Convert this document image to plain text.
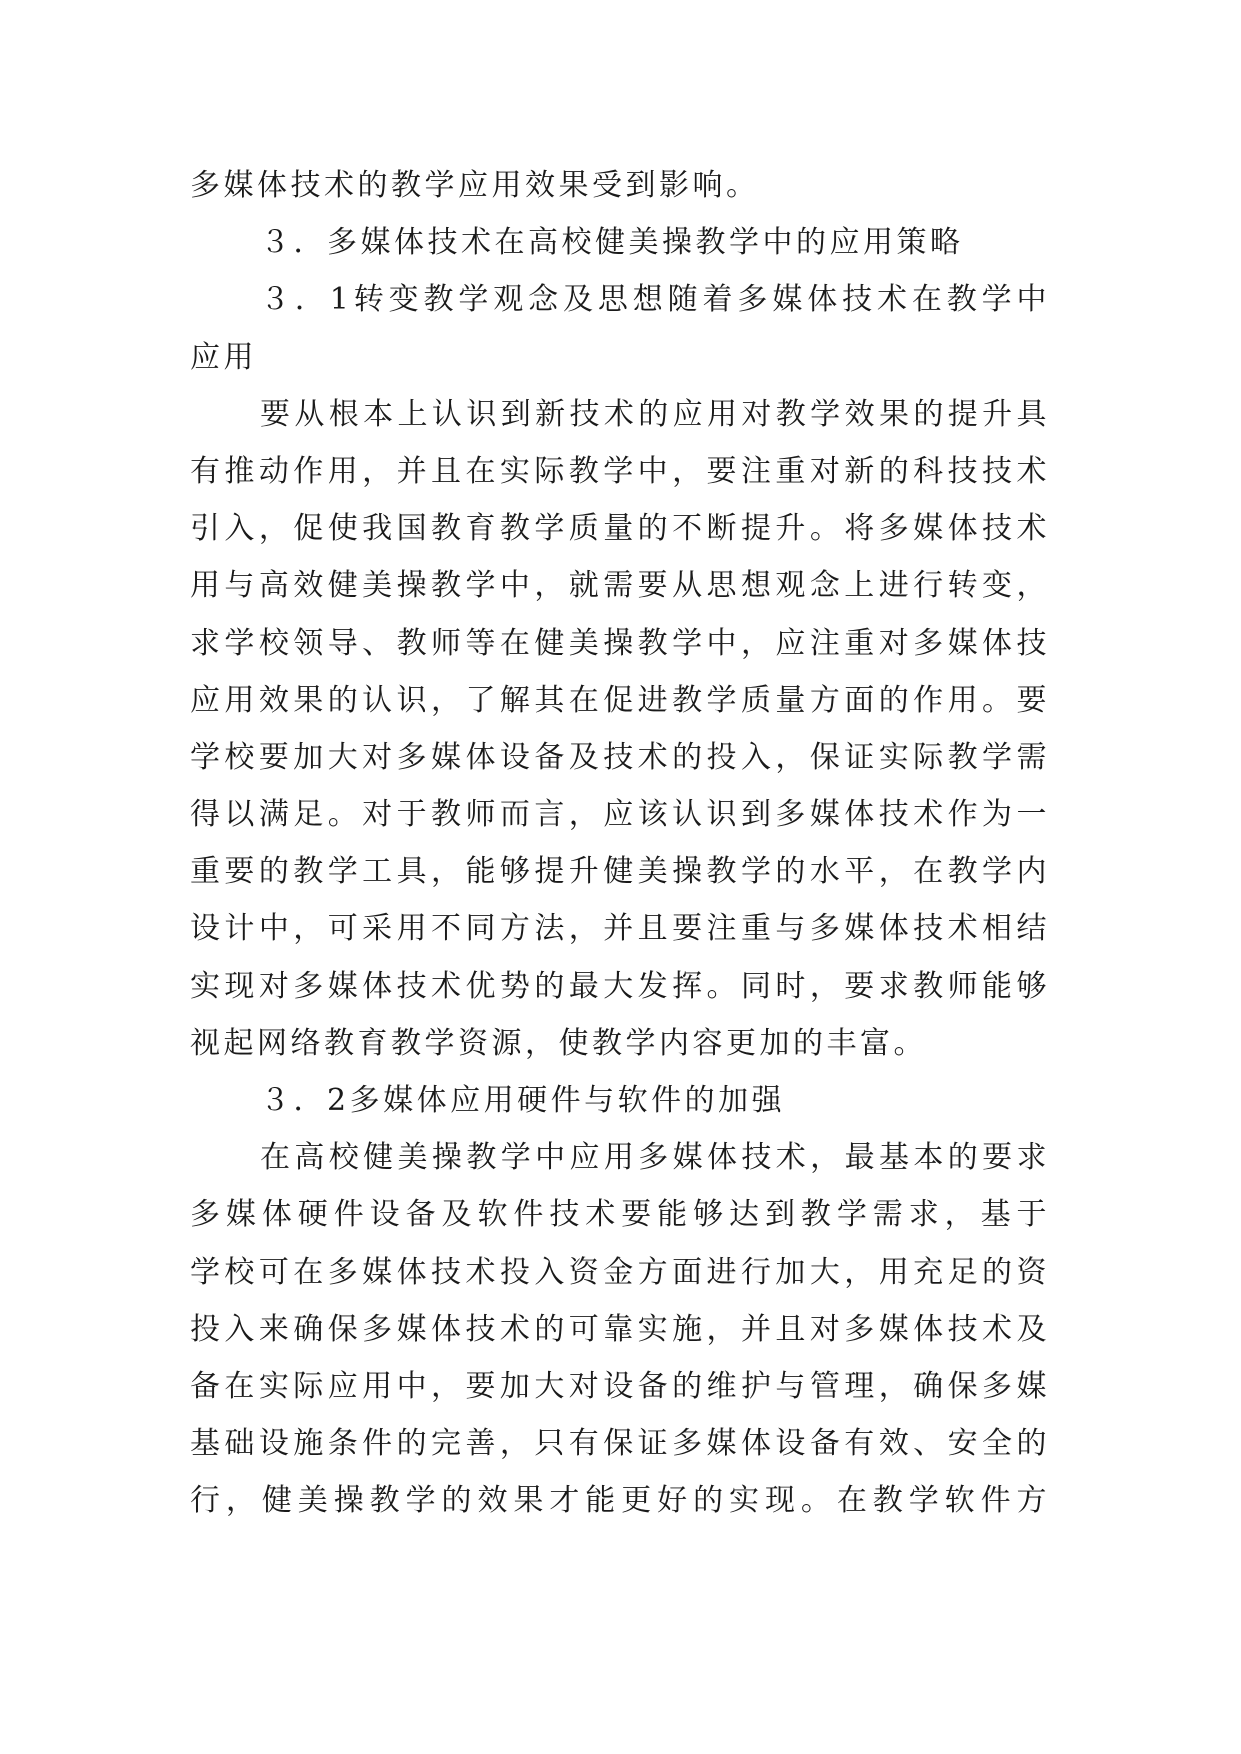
多媒体技术的教学应用效果受到影响。
３．多媒体技术在高校健美操教学中的应用策略
３．1转变教学观念及思想随着多媒体技术在教学中
应用
要从根本上认识到新技术的应用对教学效果的提升具
有推动作用，并且在实际教学中，要注重对新的科技技术
引入，促使我国教育教学质量的不断提升。将多媒体技术
用与高效健美操教学中，就需要从思想观念上进行转变，
求学校领导、教师等在健美操教学中，应注重对多媒体技
应用效果的认识，了解其在促进教学质量方面的作用。要
学校要加大对多媒体设备及技术的投入，保证实际教学需
得以满足。对于教师而言，应该认识到多媒体技术作为一
重要的教学工具，能够提升健美操教学的水平，在教学内
设计中，可采用不同方法，并且要注重与多媒体技术相结
实现对多媒体技术优势的最大发挥。同时，要求教师能够
视起网络教育教学资源，使教学内容更加的丰富。
３．2多媒体应用硬件与软件的加强
在高校健美操教学中应用多媒体技术，最基本的要求
多媒体硬件设备及软件技术要能够达到教学需求，基于
学校可在多媒体技术投入资金方面进行加大，用充足的资
投入来确保多媒体技术的可靠实施，并且对多媒体技术及
备在实际应用中，要加大对设备的维护与管理，确保多媒
基础设施条件的完善，只有保证多媒体设备有效、安全的
行，健美操教学的效果才能更好的实现。在教学软件方
